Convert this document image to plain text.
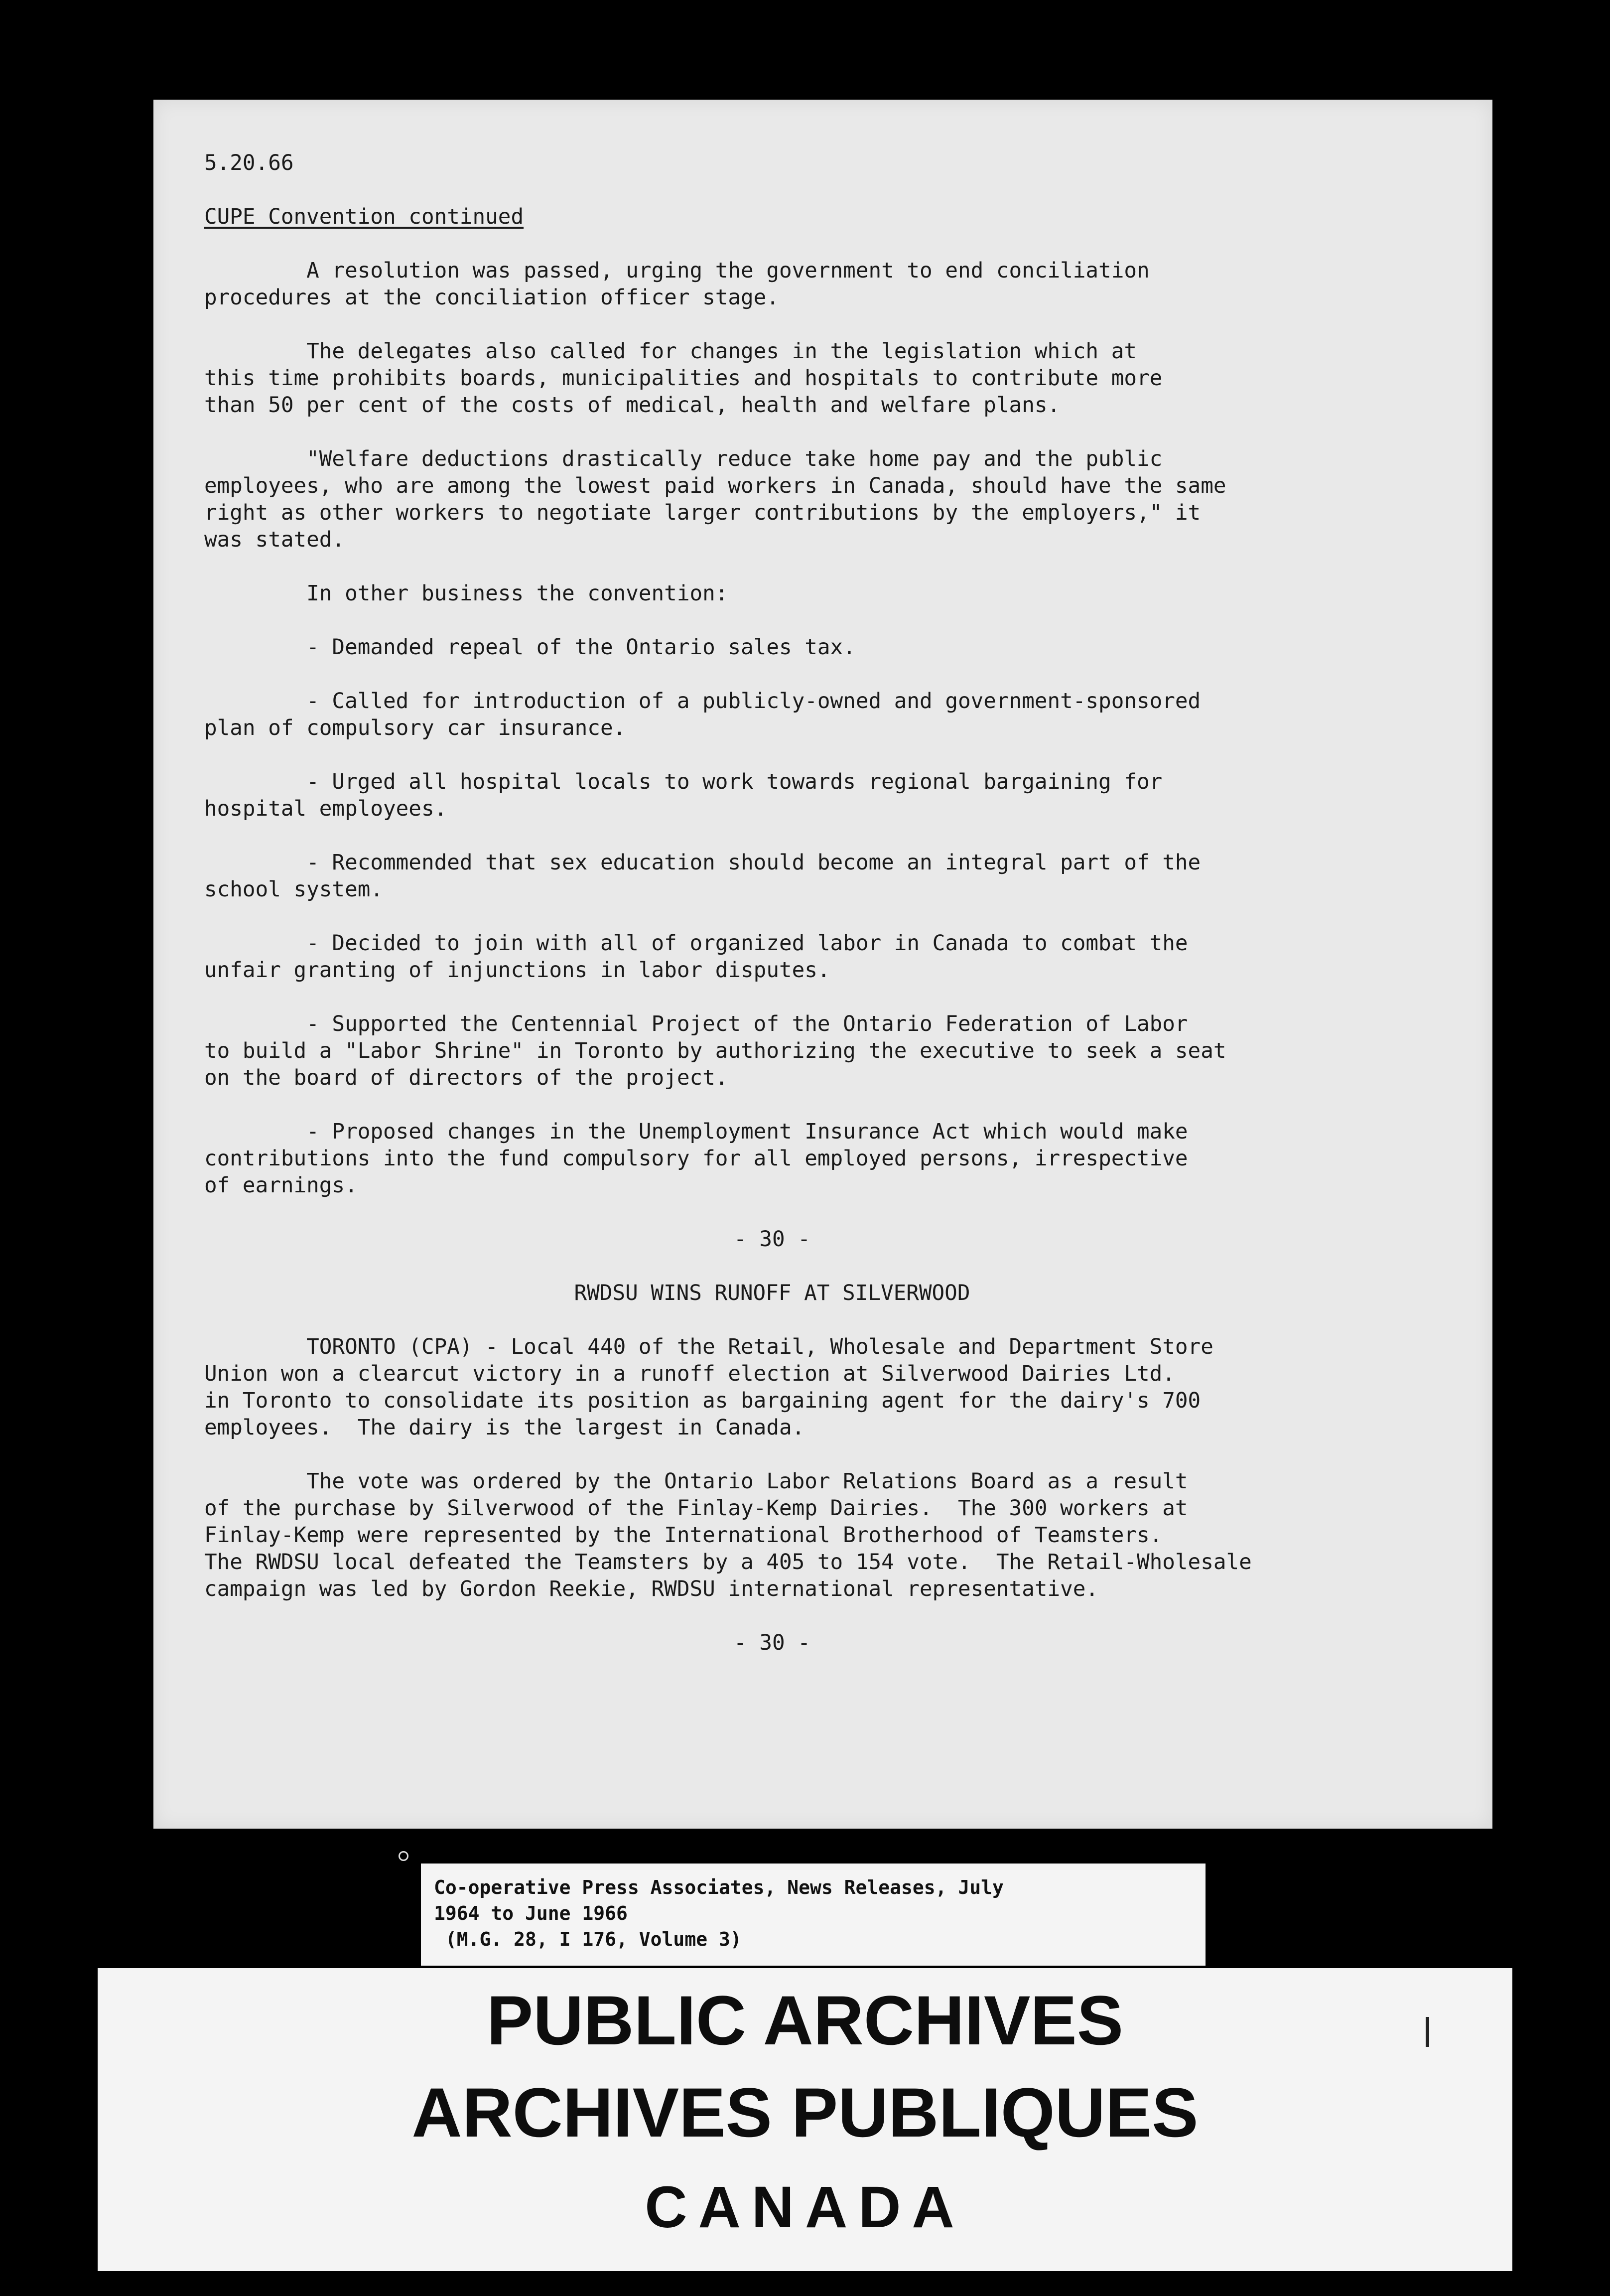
5.20.66
CUPE Convention continued
A resolution was passed, urging the government to end conciliation
procedures at the conciliation officer stage.
The delegates also called for changes in the legislation which at
this time prohibits boards, municipalities and hospitals to contribute more
than 50 per cent of the costs of medical, health and welfare plans.
"Welfare deductions drastically reduce take home pay and the public
employees, who are among the lowest paid workers in Canada, should have the same
right as other workers to negotiate larger contributions by the employers," it
was stated.
In other business the convention:
- Demanded repeal of the Ontario sales tax.
- Called for introduction of a publicly-owned and government-sponsored
plan of compulsory car insurance.
- Urged all hospital locals to work towards regional bargaining for
hospital employees.
- Recommended that sex education should become an integral part of the
school system.
- Decided to join with all of organized labor in Canada to combat the
unfair granting of injunctions in labor disputes.
- Supported the Centennial Project of the Ontario Federation of Labor
to build a "Labor Shrine" in Toronto by authorizing the executive to seek a seat
on the board of directors of the project.
- Proposed changes in the Unemployment Insurance Act which would make
contributions into the fund compulsory for all employed persons, irrespective
of earnings.
- 30 -
RWDSU WINS RUNOFF AT SILVERWOOD
TORONTO (CPA) - Local 440 of the Retail, Wholesale and Department Store
Union won a clearcut victory in a runoff election at Silverwood Dairies Ltd.
in Toronto to consolidate its position as bargaining agent for the dairy's 700
employees.  The dairy is the largest in Canada.
The vote was ordered by the Ontario Labor Relations Board as a result
of the purchase by Silverwood of the Finlay-Kemp Dairies.  The 300 workers at
Finlay-Kemp were represented by the International Brotherhood of Teamsters.
The RWDSU local defeated the Teamsters by a 405 to 154 vote.  The Retail-Wholesale
campaign was led by Gordon Reekie, RWDSU international representative.
- 30 -
Co-operative Press Associates, News Releases, July
1964 to June 1966
(M.G. 28, I 176, Volume 3)
PUBLIC ARCHIVES
ARCHIVES PUBLIQUES
CANADA
